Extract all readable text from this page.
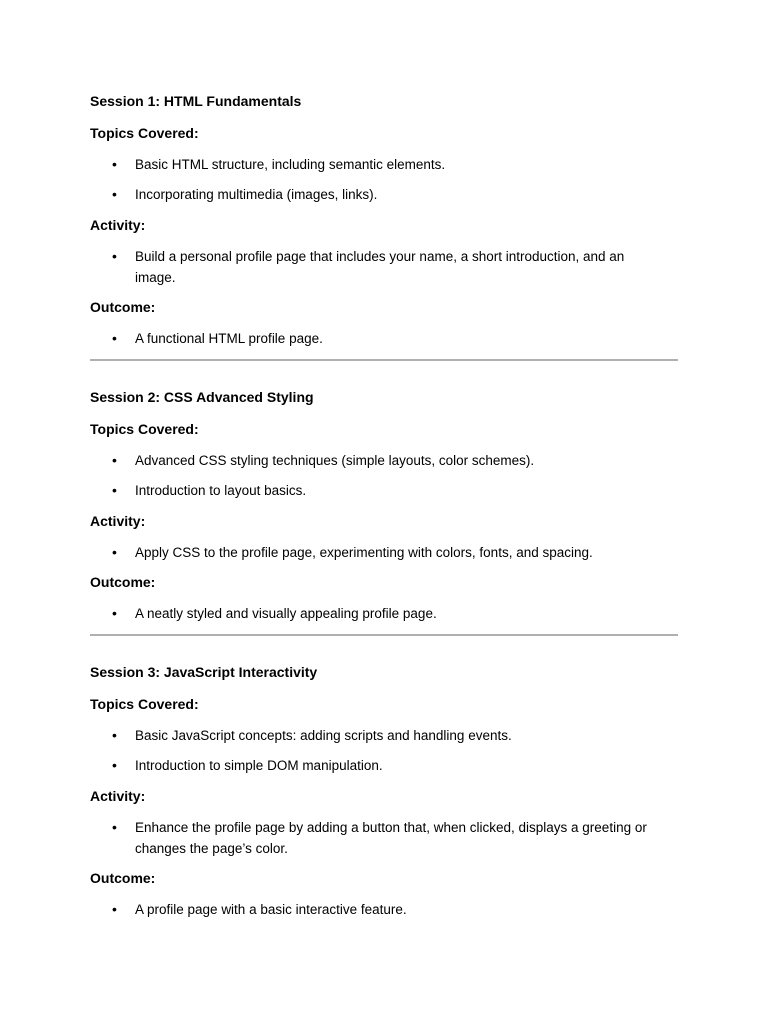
Session 1: HTML Fundamentals
Topics Covered:
• Basic HTML structure, including semantic elements.
• Incorporating multimedia (images, links).
Activity:
• Build a personal profile page that includes your name, a short introduction, and an image.
Outcome:
• A functional HTML profile page.
Session 2: CSS Advanced Styling
Topics Covered:
• Advanced CSS styling techniques (simple layouts, color schemes).
• Introduction to layout basics.
Activity:
• Apply CSS to the profile page, experimenting with colors, fonts, and spacing.
Outcome:
• A neatly styled and visually appealing profile page.
Session 3: JavaScript Interactivity
Topics Covered:
• Basic JavaScript concepts: adding scripts and handling events.
• Introduction to simple DOM manipulation.
Activity:
• Enhance the profile page by adding a button that, when clicked, displays a greeting or changes the page’s color.
Outcome:
• A profile page with a basic interactive feature.
